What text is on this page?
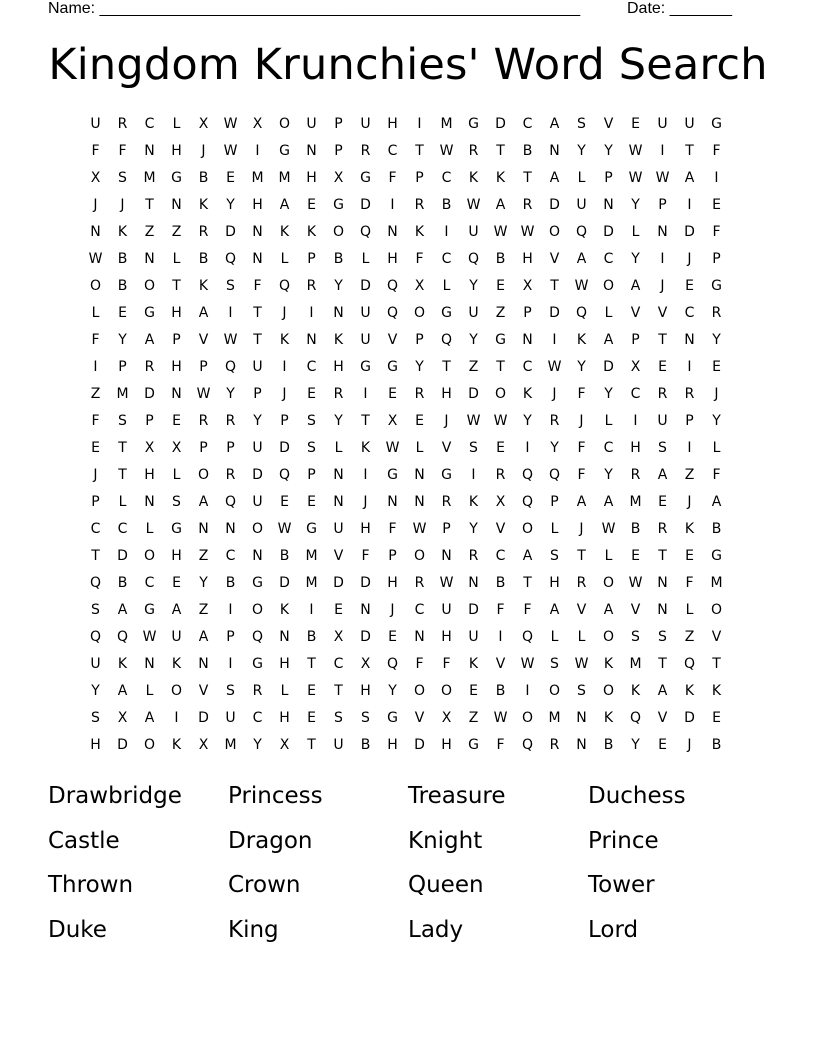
Name: ______________________________________________________	Date: _______
Kingdom Krunchies' Word Search
U	R	C	L	X	W	X	O	U	P	U	H	I	M	G	D	C	A	S	V	E	U	U	G
F	F	N	H	J	W	I	G	N	P	R	C	T	W	R	T	B	N	Y	Y	W	I	T	F
X	S	M	G	B	E	M	M	H	X	G	F	P	C	K	K	T	A	L	P	W W	A	I
J	J	T	N	K	Y	H	A	E	G	D	I	R	B	W	A	R	D	U	N	Y	P	I	E
N	K	Z	Z	R	D	N	K	K	O	Q	N	K	I	U	W W	O	Q	D	L	N	D	F
W	B	N	L	B	Q	N	L	P	B	L	H	F	C	Q	B	H	V	A	C	Y	I	J	P
O	B	O	T	K	S	F	Q	R	Y	D	Q	X	L	Y	E	X	T	W	O	A	J	E	G
L	E	G	H	A	I	T	J	I	N	U	Q	O	G	U	Z	P	D	Q	L	V	V	C	R
F	Y	A	P	V	W	T	K	N	K	U	V	P	Q	Y	G	N	I	K	A	P	T	N	Y
I	P	R	H	P	Q	U	I	C	H	G	G	Y	T	Z	T	C	W	Y	D	X	E	I	E
Z	M	D	N	W	Y	P	J	E	R	I	E	R	H	D	O	K	J	F	Y	C	R	R	J
F	S	P	E	R	R	Y	P	S	Y	T	X	E	J	W W	Y	R	J	L	I	U	P	Y
E	T	X	X	P	P	U	D	S	L	K	W	L	V	S	E	I	Y	F	C	H	S	I	L
J	T	H	L	O	R	D	Q	P	N	I	G	N	G	I	R	Q	Q	F	Y	R	A	Z	F
P	L	N	S	A	Q	U	E	E	N	J	N	N	R	K	X	Q	P	A	A	M	E	J	A
C	C	L	G	N	N	O	W	G	U	H	F	W	P	Y	V	O	L	J	W	B	R	K	B
T	D	O	H	Z	C	N	B	M	V	F	P	O	N	R	C	A	S	T	L	E	T	E	G
Q	B	C	E	Y	B	G	D	M	D	D	H	R	W	N	B	T	H	R	O	W	N	F	M
S	A	G	A	Z	I	O	K	I	E	N	J	C	U	D	F	F	A	V	A	V	N	L	O
Q	Q	W	U	A	P	Q	N	B	X	D	E	N	H	U	I	Q	L	L	O	S	S	Z	V
U	K	N	K	N	I	G	H	T	C	X	Q	F	F	K	V	W	S	W	K	M	T	Q	T
Y	A	L	O	V	S	R	L	E	T	H	Y	O	O	E	B	I	O	S	O	K	A	K	K
S	X	A	I	D	U	C	H	E	S	S	G	V	X	Z	W	O	M	N	K	Q	V	D	E
H	D	O	K	X	M	Y	X	T	U	B	H	D	H	G	F	Q	R	N	B	Y	E	J	B
Drawbridge	Princess	Treasure	Duchess
Castle	Dragon	Knight	Prince
Thrown	Crown	Queen	Tower
Duke	King	Lady	Lord
